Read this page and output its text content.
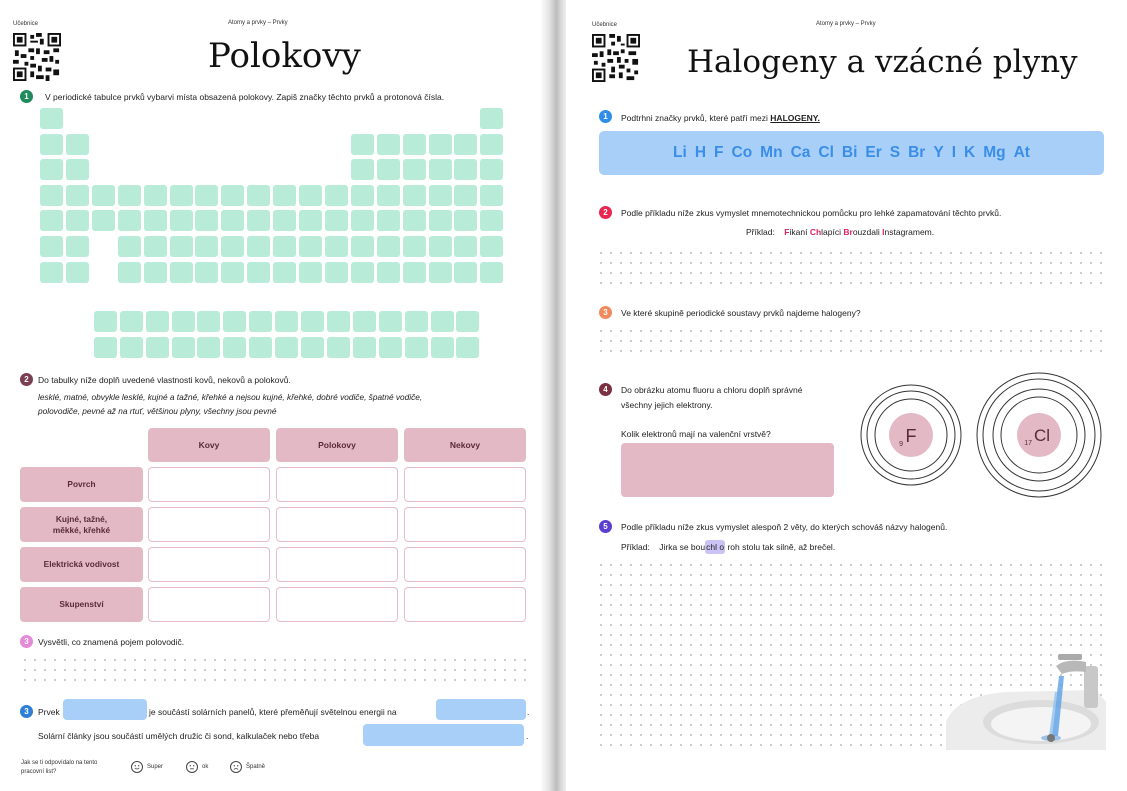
Učebnice	Atomy a prvky – Prvky
Polokovy
1	V periodické tabulce prvků vybarvi místa obsazená polokovy. Zapiš značky těchto prvků a protonová čísla.
2	Do tabulky níže doplň uvedené vlastnosti kovů, nekovů a polokovů.
lesklé, matné, obvykle lesklé, kujné a tažné, křehké a nejsou kujné, křehké, dobré vodiče, špatné vodiče,
polovodiče, pevné až na rtuť, většinou plyny, všechny jsou pevné
Kovy	Polokovy	Nekovy
Povrch
Kujné, tažné,
měkké, křehké
Elektrická vodivost
Skupenství
3	Vysvětli, co znamená pojem polovodič.
3	Prvek	je součástí solárních panelů, které přeměňují světelnou energii na	.
Solární články jsou součástí umělých družic či sond, kalkulaček nebo třeba	.
Jak se ti odpovídalo na tento
pracovní list?
Super	ok	Špatně
Učebnice	Atomy a prvky – Prvky
Halogeny a vzácné plyny
1	Podtrhni značky prvků, které patří mezi HALOGENY.
Li H F Co Mn Ca Cl Bi Er S Br Y I K Mg At
2	Podle příkladu níže zkus vymyslet mnemotechnickou pomůcku pro lehké zapamatování těchto prvků.
Příklad: Fikaní Chlapíci Brouzdali Instagramem.
3	Ve které skupině periodické soustavy prvků najdeme halogeny?
4	Do obrázku atomu fluoru a chloru doplň správné
všechny jejich elektrony.
Kolik elektronů mají na valenční vrstvě?	F
9	Cl
17
5	Podle příkladu níže zkus vymyslet alespoň 2 věty, do kterých schováš názvy halogenů.
Příklad: Jirka se bouchl o roh stolu tak silně, až brečel.
